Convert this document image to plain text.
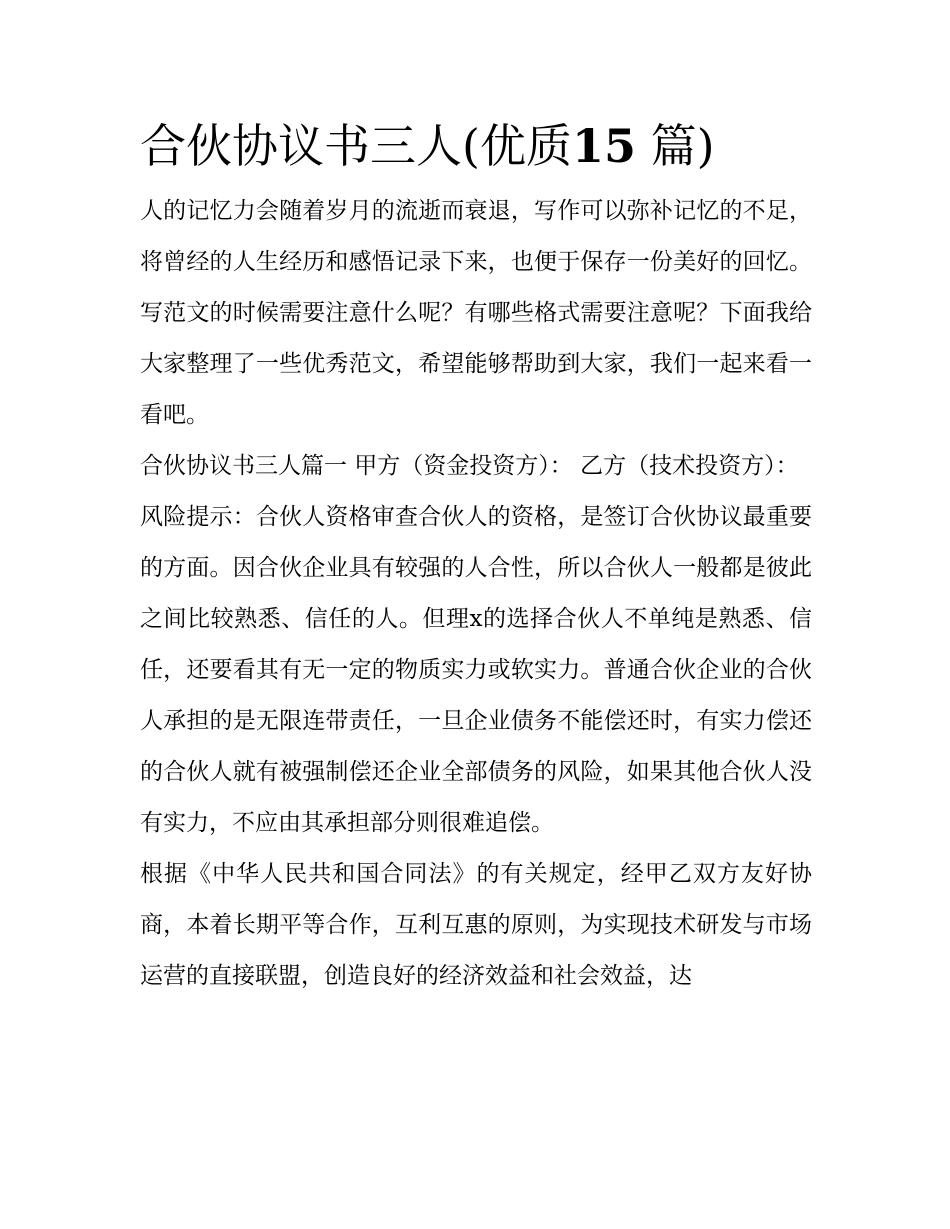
合伙协议书三人(优质15 篇)

人的记忆力会随着岁月的流逝而衰退，写作可以弥补记忆的不足，将曾经的人生经历和感悟记录下来，也便于保存一份美好的回忆。写范文的时候需要注意什么呢？有哪些格式需要注意呢？下面我给大家整理了一些优秀范文，希望能够帮助到大家，我们一起来看一看吧。

合伙协议书三人篇一 甲方（资金投资方）： 乙方（技术投资方）：

风险提示：合伙人资格审查合伙人的资格，是签订合伙协议最重要的方面。因合伙企业具有较强的人合性，所以合伙人一般都是彼此之间比较熟悉、信任的人。但理x的选择合伙人不单纯是熟悉、信任，还要看其有无一定的物质实力或软实力。普通合伙企业的合伙人承担的是无限连带责任，一旦企业债务不能偿还时，有实力偿还的合伙人就有被强制偿还企业全部债务的风险，如果其他合伙人没有实力，不应由其承担部分则很难追偿。

根据《中华人民共和国合同法》的有关规定，经甲乙双方友好协商，本着长期平等合作，互利互惠的原则，为实现技术研发与市场运营的直接联盟，创造良好的经济效益和社会效益，达
